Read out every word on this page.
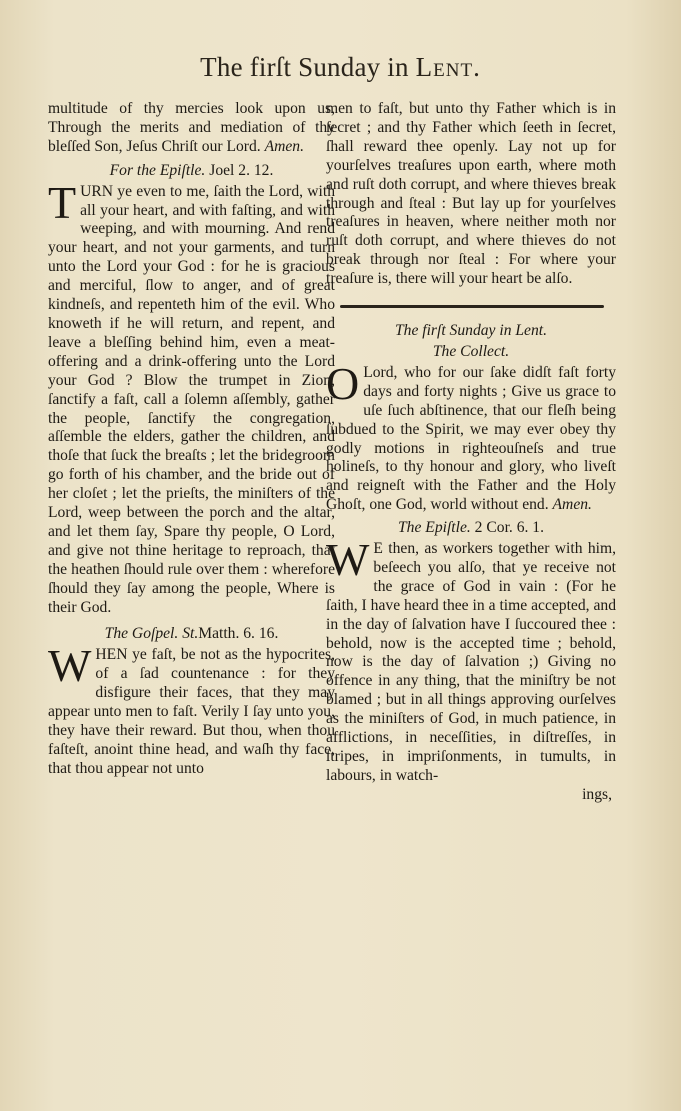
The firſt Sunday in Lent.

multitude of thy mercies look upon us, Through the merits and mediation of thy bleſſed Son, Jeſus Chriſt our Lord. Amen.

For the Epiſtle. Joel 2. 12.

TURN ye even to me, ſaith the Lord, with all your heart, and with faſting, and with weeping, and with mourning. And rend your heart, and not your garments, and turn unto the Lord your God : for he is gracious and merciful, ſlow to anger, and of great kindneſs, and repenteth him of the evil. Who knoweth if he will return, and repent, and leave a bleſſing behind him, even a meat-offering and a drink-offering unto the Lord your God ? Blow the trumpet in Zion, ſanctify a faſt, call a ſolemn aſſembly, gather the people, ſanctify the congregation, aſſemble the elders, gather the children, and thoſe that ſuck the breaſts ; let the bridegroom go forth of his chamber, and the bride out of her cloſet ; let the prieſts, the miniſters of the Lord, weep between the porch and the altar, and let them ſay, Spare thy people, O Lord, and give not thine heritage to reproach, that the heathen ſhould rule over them : wherefore ſhould they ſay among the people, Where is their God.

The Goſpel. St.Matth. 6. 16.

WHEN ye faſt, be not as the hypocrites, of a ſad countenance : for they disfigure their faces, that they may appear unto men to faſt. Verily I ſay unto you, they have their reward. But thou, when thou faſteſt, anoint thine head, and waſh thy face, that thou appear not unto

men to faſt, but unto thy Father which is in ſecret ; and thy Father which ſeeth in ſecret, ſhall reward thee openly. Lay not up for yourſelves treaſures upon earth, where moth and ruſt doth corrupt, and where thieves break through and ſteal : But lay up for yourſelves treaſures in heaven, where neither moth nor ruſt doth corrupt, and where thieves do not break through nor ſteal : For where your treaſure is, there will your heart be alſo.

The firſt Sunday in Lent.
The Collect.

O Lord, who for our ſake didſt faſt forty days and forty nights ; Give us grace to uſe ſuch abſtinence, that our fleſh being ſubdued to the Spirit, we may ever obey thy godly motions in righteouſneſs and true holineſs, to thy honour and glory, who liveſt and reigneſt with the Father and the Holy Ghoſt, one God, world without end. Amen.

The Epiſtle. 2 Cor. 6. 1.

W E then, as workers together with him, beſeech you alſo, that ye receive not the grace of God in vain : (For he ſaith, I have heard thee in a time accepted, and in the day of ſalvation have I ſuccoured thee : behold, now is the accepted time ; behold, now is the day of ſalvation ;) Giving no offence in any thing, that the miniſtry be not blamed ; but in all things approving ourſelves as the miniſters of God, in much patience, in afflictions, in neceſſities, in diſtreſſes, in ſtripes, in impriſonments, in tumults, in labours, in watch-

ings,
